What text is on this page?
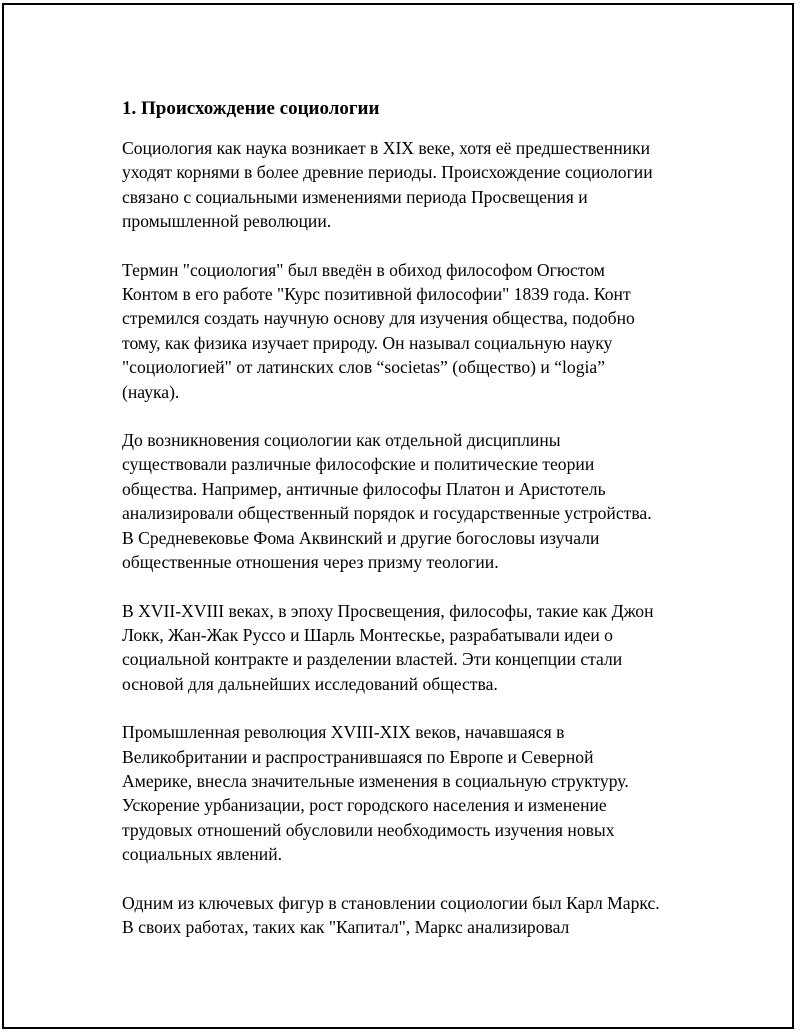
1. Происхождение социологии
Социология как наука возникает в XIX веке, хотя её предшественники
уходят корнями в более древние периоды. Происхождение социологии
связано с социальными изменениями периода Просвещения и
промышленной революции.
Термин "социология" был введён в обиход философом Огюстом
Контом в его работе "Курс позитивной философии" 1839 года. Конт
стремился создать научную основу для изучения общества, подобно
тому, как физика изучает природу. Он называл социальную науку
"социологией" от латинских слов “societas” (общество) и “logia”
(наука).
До возникновения социологии как отдельной дисциплины
существовали различные философские и политические теории
общества. Например, античные философы Платон и Аристотель
анализировали общественный порядок и государственные устройства.
В Средневековье Фома Аквинский и другие богословы изучали
общественные отношения через призму теологии.
В XVII-XVIII веках, в эпоху Просвещения, философы, такие как Джон
Локк, Жан-Жак Руссо и Шарль Монтескье, разрабатывали идеи о
социальной контракте и разделении властей. Эти концепции стали
основой для дальнейших исследований общества.
Промышленная революция XVIII-XIX веков, начавшаяся в
Великобритании и распространившаяся по Европе и Северной
Америке, внесла значительные изменения в социальную структуру.
Ускорение урбанизации, рост городского населения и изменение
трудовых отношений обусловили необходимость изучения новых
социальных явлений.
Одним из ключевых фигур в становлении социологии был Карл Маркс.
В своих работах, таких как "Капитал", Маркс анализировал
